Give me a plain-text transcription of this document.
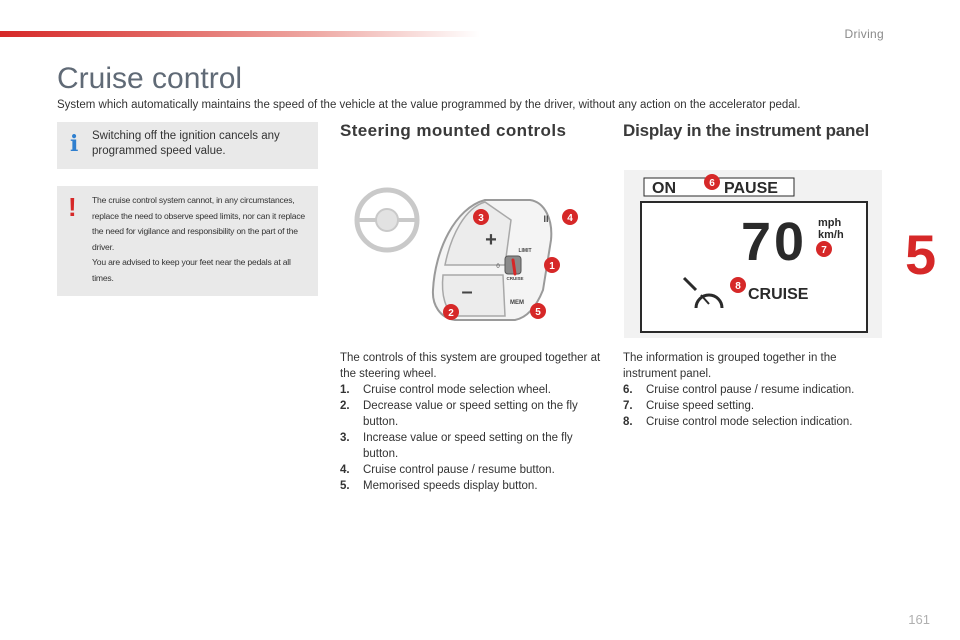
Driving
Cruise control

System which automatically maintains the speed of the vehicle at the value programmed by the driver, without any action on the accelerator pedal.

5
i Switching off the ignition cancels any programmed speed value.

! The cruise control system cannot, in any circumstances, replace the need to observe speed limits, nor can it replace the need for vigilance and responsibility on the part of the driver.

You are advised to keep your feet near the pedals at all times.

Steering mounted controls	Display in the instrument panel
+
–
II
LIMIT
0
CRUISE
MEM
1
2
3	4
5
ON	PAUSE
70 mph
km/h
CRUISE
6
7
8

The controls of this system are grouped together at the steering wheel.

1.	Cruise control mode selection wheel.
2.	Decrease value or speed setting on the fly button.
3.	Increase value or speed setting on the fly button.
4.	Cruise control pause / resume button.
5.	Memorised speeds display button.

The information is grouped together in the instrument panel.

6.	Cruise control pause / resume indication.
7.	Cruise speed setting.
8.	Cruise control mode selection indication.
161
